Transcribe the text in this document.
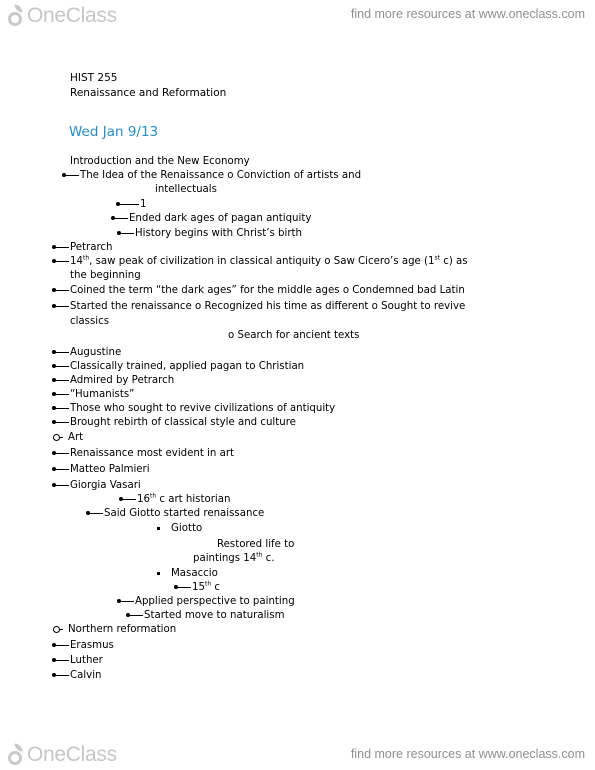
OneClass	find more resources at www.oneclass.com
HIST 255
Renaissance and Reformation
Wed Jan 9/13
Introduction and the New Economy
The Idea of the Renaissance o Conviction of artists and
intellectuals
1
Ended dark ages of pagan antiquity
History begins with Christ’s birth
Petrarch
14th, saw peak of civilization in classical antiquity o Saw Cicero’s age (1st c) as
the beginning
Coined the term “the dark ages” for the middle ages o Condemned bad Latin
Started the renaissance o Recognized his time as different o Sought to revive
classics
o Search for ancient texts
Augustine
Classically trained, applied pagan to Christian
Admired by Petrarch
“Humanists”
Those who sought to revive civilizations of antiquity
Brought rebirth of classical style and culture
Art
Renaissance most evident in art
Matteo Palmieri
Giorgia Vasari
16th c art historian
Said Giotto started renaissance
Giotto
Restored life to
paintings 14th c.
Masaccio
15th c
Applied perspective to painting
Started move to naturalism
Northern reformation
Erasmus
Luther
Calvin
OneClass	find more resources at www.oneclass.com
